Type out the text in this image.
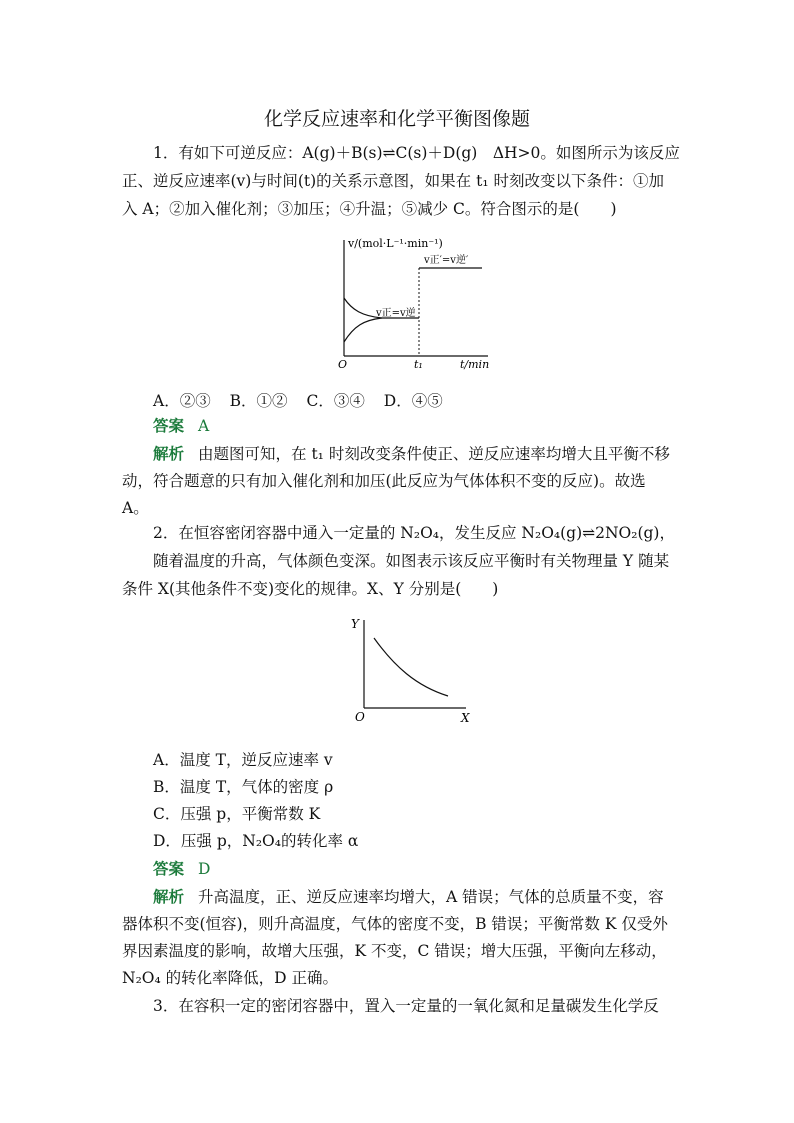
化学反应速率和化学平衡图像题
1．有如下可逆反应：A(g)＋B(s)⇌C(s)＋D(g)　ΔH>0。如图所示为该反应
正、逆反应速率(v)与时间(t)的关系示意图，如果在 t₁ 时刻改变以下条件：①加
入 A；②加入催化剂；③加压；④升温；⑤减少 C。符合图示的是(　　)
v/(mol·L⁻¹·min⁻¹)
v正′=v逆′
v正=v逆
O	t₁	t/min
A．②③ B．①② C．③④ D．④⑤
答案 A
解析 由题图可知，在 t₁ 时刻改变条件使正、逆反应速率均增大且平衡不移
动，符合题意的只有加入催化剂和加压(此反应为气体体积不变的反应)。故选
A。
2．在恒容密闭容器中通入一定量的 N₂O₄，发生反应 N₂O₄(g)⇌2NO₂(g)，
随着温度的升高，气体颜色变深。如图表示该反应平衡时有关物理量 Y 随某
条件 X(其他条件不变)变化的规律。X、Y 分别是(　　)
Y
O	X
A．温度 T，逆反应速率 v
B．温度 T，气体的密度 ρ
C．压强 p，平衡常数 K
D．压强 p，N₂O₄的转化率 α
答案 D
解析 升高温度，正、逆反应速率均增大，A 错误；气体的总质量不变，容
器体积不变(恒容)，则升高温度，气体的密度不变，B 错误；平衡常数 K 仅受外
界因素温度的影响，故增大压强，K 不变，C 错误；增大压强，平衡向左移动，
N₂O₄ 的转化率降低，D 正确。
3．在容积一定的密闭容器中，置入一定量的一氧化氮和足量碳发生化学反
